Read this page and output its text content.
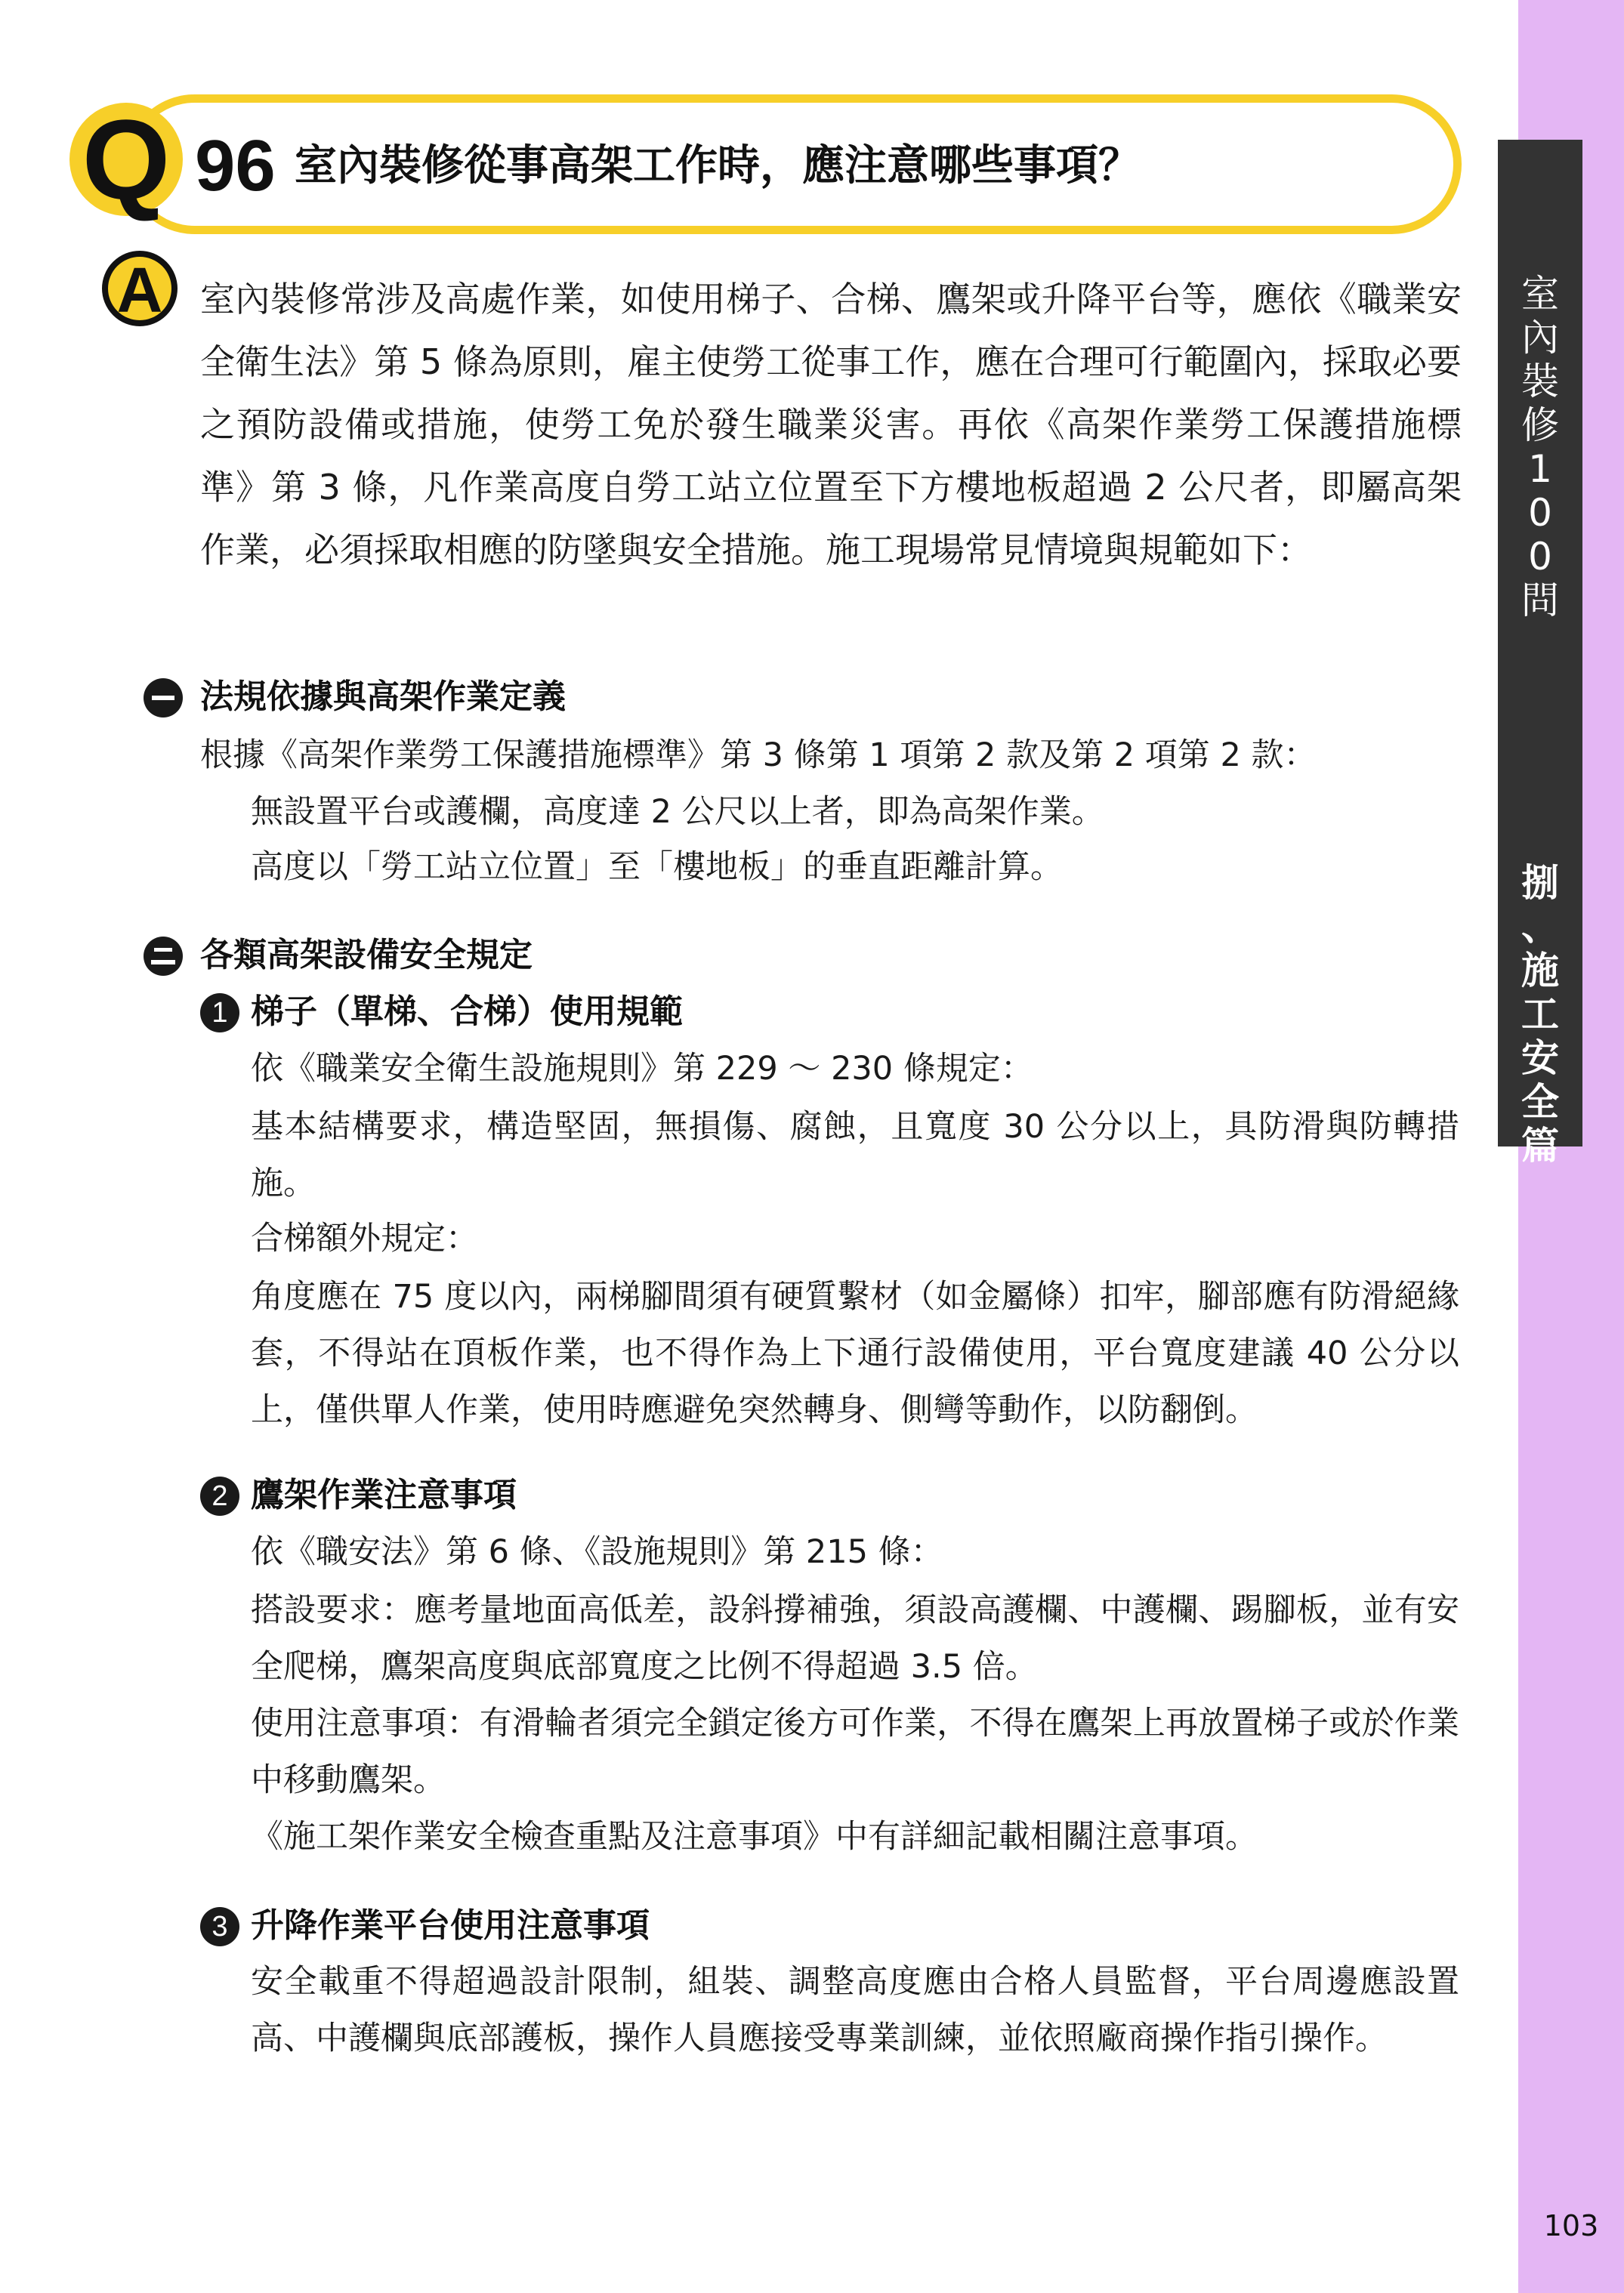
室
內
裝
修
1
0
0
問
捌
、
施
工
安
全
篇
103
Q 96 室內裝修從事高架工作時，應注意哪些事項？
A 室內裝修常涉及高處作業，如使用梯子、合梯、鷹架或升降平台等，應依《職業安全衛生法》第 5 條為原則，雇主使勞工從事工作，應在合理可行範圍內，採取必要之預防設備或措施，使勞工免於發生職業災害。再依《高架作業勞工保護措施標準》第 3 條，凡作業高度自勞工站立位置至下方樓地板超過 2 公尺者，即屬高架作業，必須採取相應的防墜與安全措施。施工現場常見情境與規範如下：
法規依據與高架作業定義
根據《高架作業勞工保護措施標準》第 3 條第 1 項第 2 款及第 2 項第 2 款：
無設置平台或護欄，高度達 2 公尺以上者，即為高架作業。
高度以「勞工站立位置」至「樓地板」的垂直距離計算。
各類高架設備安全規定
1 梯子（單梯、合梯）使用規範
依《職業安全衛生設施規則》第 229 ～ 230 條規定：
基本結構要求，構造堅固，無損傷、腐蝕，且寬度 30 公分以上，具防滑與防轉措施。
合梯額外規定：
角度應在 75 度以內，兩梯腳間須有硬質繫材（如金屬條）扣牢，腳部應有防滑絕緣套，不得站在頂板作業，也不得作為上下通行設備使用，平台寬度建議 40 公分以上，僅供單人作業，使用時應避免突然轉身、側彎等動作，以防翻倒。
2 鷹架作業注意事項
依《職安法》第 6 條、《設施規則》第 215 條：
搭設要求：應考量地面高低差，設斜撐補強，須設高護欄、中護欄、踢腳板，並有安全爬梯，鷹架高度與底部寬度之比例不得超過 3.5 倍。
使用注意事項：有滑輪者須完全鎖定後方可作業，不得在鷹架上再放置梯子或於作業中移動鷹架。
《施工架作業安全檢查重點及注意事項》中有詳細記載相關注意事項。
3 升降作業平台使用注意事項
安全載重不得超過設計限制，組裝、調整高度應由合格人員監督，平台周邊應設置高、中護欄與底部護板，操作人員應接受專業訓練，並依照廠商操作指引操作。
